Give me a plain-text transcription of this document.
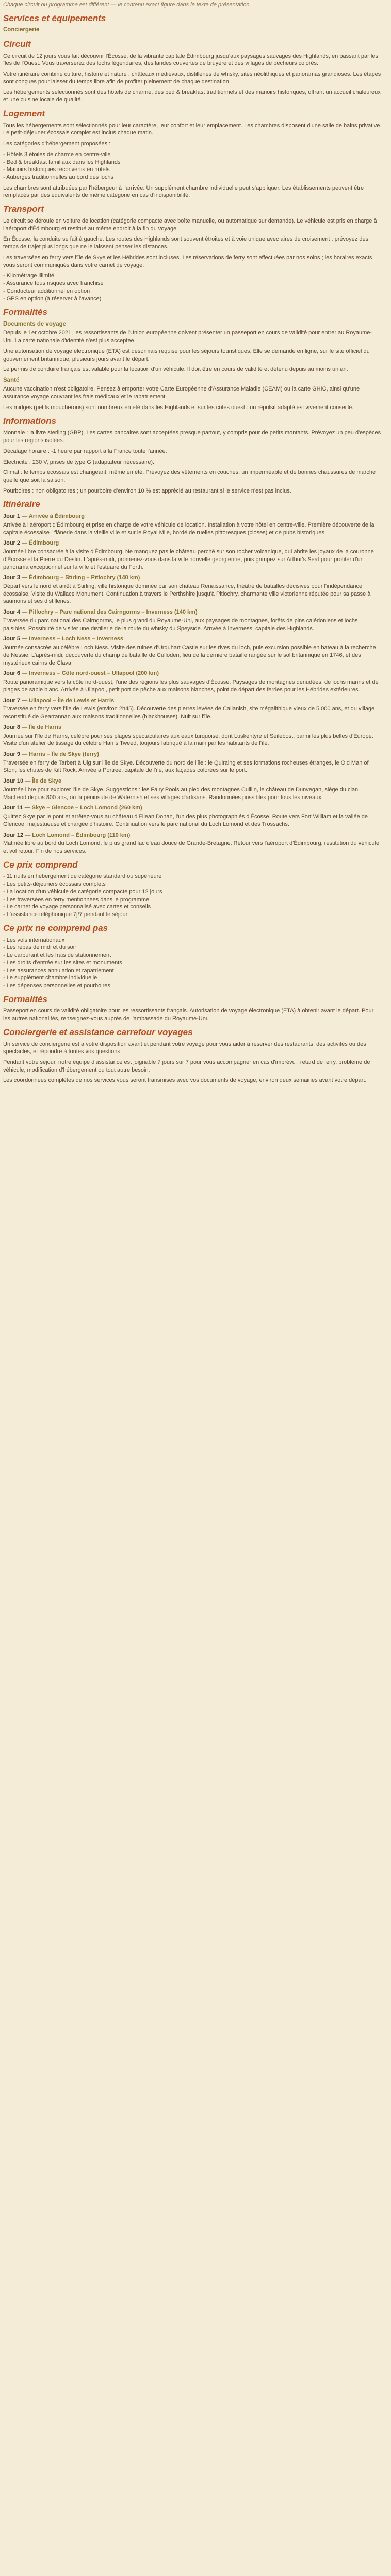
Chaque circuit ou programme est différent — le contenu exact figure dans le texte de présentation.

Services et équipements
Conciergerie
Circuit

Ce circuit de 12 jours vous fait découvrir l'Écosse, de la vibrante capitale Édimbourg jusqu'aux paysages sauvages des Highlands, en passant par les îles de l'Ouest. Vous traverserez des lochs légendaires, des landes couvertes de bruyère et des villages de pêcheurs colorés.

Votre itinéraire combine culture, histoire et nature : châteaux médiévaux, distilleries de whisky, sites néolithiques et panoramas grandioses. Les étapes sont conçues pour laisser du temps libre afin de profiter pleinement de chaque destination.

Les hébergements sélectionnés sont des hôtels de charme, des bed & breakfast traditionnels et des manoirs historiques, offrant un accueil chaleureux et une cuisine locale de qualité.

Logement

Tous les hébergements sont sélectionnés pour leur caractère, leur confort et leur emplacement. Les chambres disposent d'une salle de bains privative. Le petit-déjeuner écossais complet est inclus chaque matin.

Les catégories d'hébergement proposées :

- Hôtels 3 étoiles de charme en centre-ville
- Bed & breakfast familiaux dans les Highlands
- Manoirs historiques reconvertis en hôtels
- Auberges traditionnelles au bord des lochs

Les chambres sont attribuées par l'hébergeur à l'arrivée. Un supplément chambre individuelle peut s'appliquer. Les établissements peuvent être remplacés par des équivalents de même catégorie en cas d'indisponibilité.

Transport

Le circuit se déroule en voiture de location (catégorie compacte avec boîte manuelle, ou automatique sur demande). Le véhicule est pris en charge à l'aéroport d'Édimbourg et restitué au même endroit à la fin du voyage.

En Écosse, la conduite se fait à gauche. Les routes des Highlands sont souvent étroites et à voie unique avec aires de croisement : prévoyez des temps de trajet plus longs que ne le laissent penser les distances.

Les traversées en ferry vers l'île de Skye et les Hébrides sont incluses. Les réservations de ferry sont effectuées par nos soins ; les horaires exacts vous seront communiqués dans votre carnet de voyage.

- Kilométrage illimité
- Assurance tous risques avec franchise
- Conducteur additionnel en option
- GPS en option (à réserver à l'avance)
Formalités
Documents de voyage

Depuis le 1er octobre 2021, les ressortissants de l'Union européenne doivent présenter un passeport en cours de validité pour entrer au Royaume-Uni. La carte nationale d'identité n'est plus acceptée.

Une autorisation de voyage électronique (ETA) est désormais requise pour les séjours touristiques. Elle se demande en ligne, sur le site officiel du gouvernement britannique, plusieurs jours avant le départ.

Le permis de conduire français est valable pour la location d'un véhicule. Il doit être en cours de validité et détenu depuis au moins un an.

Santé

Aucune vaccination n'est obligatoire. Pensez à emporter votre Carte Européenne d'Assurance Maladie (CEAM) ou la carte GHIC, ainsi qu'une assurance voyage couvrant les frais médicaux et le rapatriement.

Les midges (petits moucherons) sont nombreux en été dans les Highlands et sur les côtes ouest : un répulsif adapté est vivement conseillé.

Informations

Monnaie : la livre sterling (GBP). Les cartes bancaires sont acceptées presque partout, y compris pour de petits montants. Prévoyez un peu d'espèces pour les régions isolées.

Décalage horaire : -1 heure par rapport à la France toute l'année.

Électricité : 230 V, prises de type G (adaptateur nécessaire).

Climat : le temps écossais est changeant, même en été. Prévoyez des vêtements en couches, un imperméable et de bonnes chaussures de marche quelle que soit la saison.

Pourboires : non obligatoires ; un pourboire d'environ 10 % est apprécié au restaurant si le service n'est pas inclus.

Itinéraire
Jour 1 — Arrivée à Édimbourg

Arrivée à l'aéroport d'Édimbourg et prise en charge de votre véhicule de location. Installation à votre hôtel en centre-ville. Première découverte de la capitale écossaise : flânerie dans la vieille ville et sur le Royal Mile, bordé de ruelles pittoresques (closes) et de pubs historiques.

Jour 2 — Édimbourg

Journée libre consacrée à la visite d'Édimbourg. Ne manquez pas le château perché sur son rocher volcanique, qui abrite les joyaux de la couronne d'Écosse et la Pierre du Destin. L'après-midi, promenez-vous dans la ville nouvelle géorgienne, puis grimpez sur Arthur's Seat pour profiter d'un panorama exceptionnel sur la ville et l'estuaire du Forth.

Jour 3 — Édimbourg – Stirling – Pitlochry (140 km)

Départ vers le nord et arrêt à Stirling, ville historique dominée par son château Renaissance, théâtre de batailles décisives pour l'indépendance écossaise. Visite du Wallace Monument. Continuation à travers le Perthshire jusqu'à Pitlochry, charmante ville victorienne réputée pour sa passe à saumons et ses distilleries.

Jour 4 — Pitlochry – Parc national des Cairngorms – Inverness (140 km)

Traversée du parc national des Cairngorms, le plus grand du Royaume-Uni, aux paysages de montagnes, forêts de pins calédoniens et lochs paisibles. Possibilité de visiter une distillerie de la route du whisky du Speyside. Arrivée à Inverness, capitale des Highlands.

Jour 5 — Inverness – Loch Ness – Inverness

Journée consacrée au célèbre Loch Ness. Visite des ruines d'Urquhart Castle sur les rives du loch, puis excursion possible en bateau à la recherche de Nessie. L'après-midi, découverte du champ de bataille de Culloden, lieu de la dernière bataille rangée sur le sol britannique en 1746, et des mystérieux cairns de Clava.

Jour 6 — Inverness – Côte nord-ouest – Ullapool (200 km)

Route panoramique vers la côte nord-ouest, l'une des régions les plus sauvages d'Écosse. Paysages de montagnes dénudées, de lochs marins et de plages de sable blanc. Arrivée à Ullapool, petit port de pêche aux maisons blanches, point de départ des ferries pour les Hébrides extérieures.

Jour 7 — Ullapool – Île de Lewis et Harris

Traversée en ferry vers l'île de Lewis (environ 2h45). Découverte des pierres levées de Callanish, site mégalithique vieux de 5 000 ans, et du village reconstitué de Gearrannan aux maisons traditionnelles (blackhouses). Nuit sur l'île.

Jour 8 — Île de Harris

Journée sur l'île de Harris, célèbre pour ses plages spectaculaires aux eaux turquoise, dont Luskentyre et Seilebost, parmi les plus belles d'Europe. Visite d'un atelier de tissage du célèbre Harris Tweed, toujours fabriqué à la main par les habitants de l'île.

Jour 9 — Harris – Île de Skye (ferry)

Traversée en ferry de Tarbert à Uig sur l'île de Skye. Découverte du nord de l'île : le Quiraing et ses formations rocheuses étranges, le Old Man of Storr, les chutes de Kilt Rock. Arrivée à Portree, capitale de l'île, aux façades colorées sur le port.

Jour 10 — Île de Skye

Journée libre pour explorer l'île de Skye. Suggestions : les Fairy Pools au pied des montagnes Cuillin, le château de Dunvegan, siège du clan MacLeod depuis 800 ans, ou la péninsule de Waternish et ses villages d'artisans. Randonnées possibles pour tous les niveaux.

Jour 11 — Skye – Glencoe – Loch Lomond (260 km)

Quittez Skye par le pont et arrêtez-vous au château d'Eilean Donan, l'un des plus photographiés d'Écosse. Route vers Fort William et la vallée de Glencoe, majestueuse et chargée d'histoire. Continuation vers le parc national du Loch Lomond et des Trossachs.

Jour 12 — Loch Lomond – Édimbourg (110 km)

Matinée libre au bord du Loch Lomond, le plus grand lac d'eau douce de Grande-Bretagne. Retour vers l'aéroport d'Édimbourg, restitution du véhicule et vol retour. Fin de nos services.

Ce prix comprend
- 11 nuits en hébergement de catégorie standard ou supérieure
- Les petits-déjeuners écossais complets
- La location d'un véhicule de catégorie compacte pour 12 jours
- Les traversées en ferry mentionnées dans le programme
- Le carnet de voyage personnalisé avec cartes et conseils
- L'assistance téléphonique 7j/7 pendant le séjour
Ce prix ne comprend pas
- Les vols internationaux
- Les repas de midi et du soir
- Le carburant et les frais de stationnement
- Les droits d'entrée sur les sites et monuments
- Les assurances annulation et rapatriement
- Le supplément chambre individuelle
- Les dépenses personnelles et pourboires
Formalités

Passeport en cours de validité obligatoire pour les ressortissants français. Autorisation de voyage électronique (ETA) à obtenir avant le départ. Pour les autres nationalités, renseignez-vous auprès de l'ambassade du Royaume-Uni.

Conciergerie et assistance carrefour voyages

Un service de conciergerie est à votre disposition avant et pendant votre voyage pour vous aider à réserver des restaurants, des activités ou des spectacles, et répondre à toutes vos questions.

Pendant votre séjour, notre équipe d'assistance est joignable 7 jours sur 7 pour vous accompagner en cas d'imprévu : retard de ferry, problème de véhicule, modification d'hébergement ou tout autre besoin.

Les coordonnées complètes de nos services vous seront transmises avec vos documents de voyage, environ deux semaines avant votre départ.
